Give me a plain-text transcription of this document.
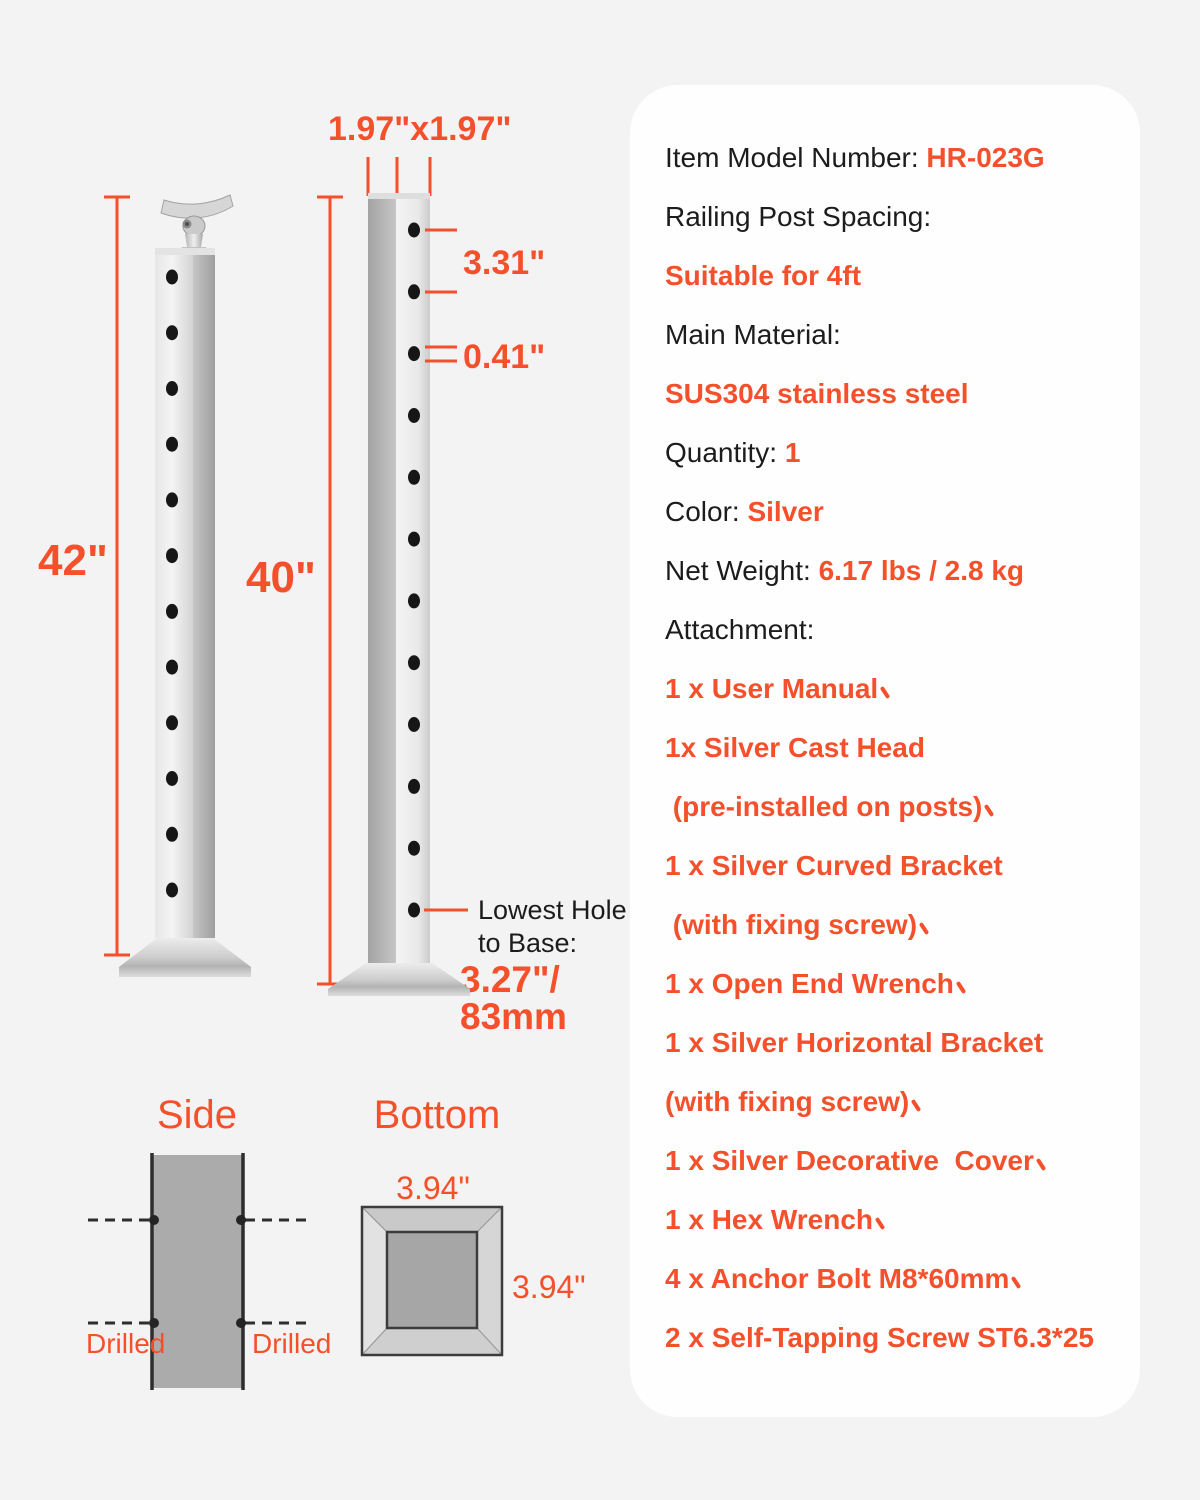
42"
1.97"x1.97"
40"
3.31"
0.41"
Lowest Hole
to Base:
3.27"/
83mm
Side
Drilled	Drilled
Bottom
3.94"
3.94"
Item Model Number: HR-023G
Railing Post Spacing:
Suitable for 4ft
Main Material:
SUS304 stainless steel
Quantity: 1
Color: Silver
Net Weight: 6.17 lbs / 2.8 kg
Attachment:
1 x User Manual
1x Silver Cast Head
(pre-installed on posts)
1 x Silver Curved Bracket
(with fixing screw)
1 x Open End Wrench
1 x Silver Horizontal Bracket
(with fixing screw)
1 x Silver Decorative  Cover
1 x Hex Wrench
4 x Anchor Bolt M8*60mm
2 x Self-Tapping Screw ST6.3*25
